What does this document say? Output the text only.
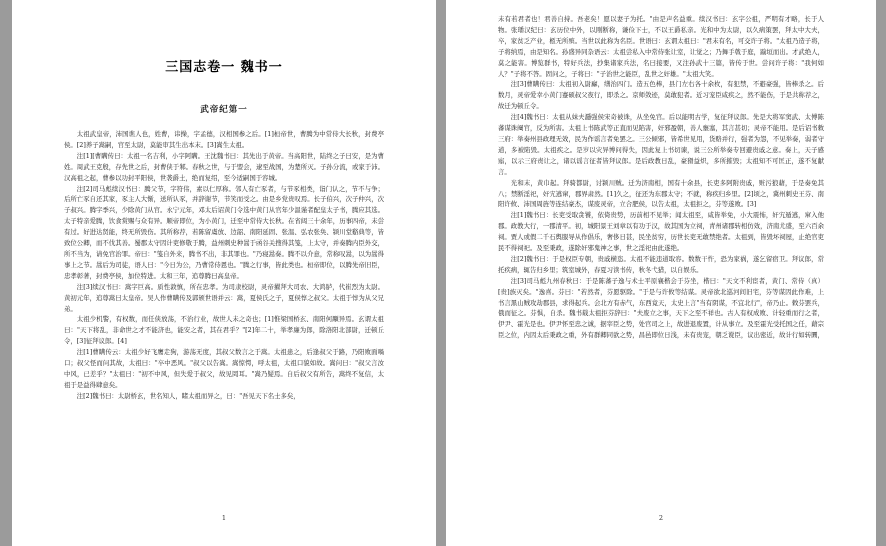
三国志卷一 魏书一
武帝纪第一

太祖武皇帝，沛国谯人也，姓曹，讳操，字孟德，汉相国参之后。[1]桓帝世，曹腾为中常侍大长秋，封费亭侯。[2]养子嵩嗣，官至太尉，莫能审其生出本末。[3]嵩生太祖。

注[1][曹瞒传曰：太祖一名吉利，小字阿瞒。王沈魏书曰：其先出于黄帝。当高阳世，陆终之子曰安，是为曹姓。周武王克殷，存先世之后，封曹侠于邾。春秋之世，与于盟会，逮至战国，为楚所灭。子孙分流，或家于沛。汉高祖之起，曹参以功封平阳侯，世袭爵土，绝而复绍，至今适嗣国于容城。

注[2]司马彪续汉书曰：腾父节，字符伟，素以仁厚称。邻人有亡豕者，与节豕相类，诣门认之，节不与争；后所亡豕自还其家，豕主人大惭，送所认豕，并辞谢节，节笑而受之。由是乡党贵叹焉。长子伯兴，次子仲兴，次子叔兴。腾字季兴，少除黄门从官。永宁元年，邓太后诏黄门令选中黄门从官年少温谨者配皇太子书，腾应其选。太子特亲爱腾，饮食赏赐与众有异。顺帝即位，为小黄门，迁至中常侍大长秋。在省闼三十余年，历事四帝，未尝有过。好进达贤能，终无所毁伤。其所称荐，若陈留虞放、边韶、南阳延固、张温、弘农张奂、颍川堂谿典等，皆致位公卿，而不伐其善。蜀郡太守因计吏修敬于腾，益州刺史种暠于函谷关搜得其笺，上太守，并奏腾内臣外交，所不当为，请免官治罪。帝曰："笺自外来，腾书不出，非其罪也。"乃寝暠奏。腾不以介意，常称叹暠，以为暠得事上之节。暠后为司徒，语人曰："今日为公，乃曹常侍恩也。"腾之行事，皆此类也。桓帝即位，以腾先帝旧臣，忠孝彰著，封费亭侯，加位特进。太和三年，追尊腾曰高皇帝。

注[3]续汉书曰：嵩字巨高。质性敦慎，所在忠孝。为司隶校尉，灵帝擢拜大司农、大鸿胪，代崔烈为太尉。黄初元年，追尊嵩曰太皇帝。吴人作曹瞒传及郭颁世语并云：嵩，夏侯氏之子，夏侯惇之叔父。太祖于惇为从父兄弟。

太祖少机警，有权数，而任侠放荡，不治行业，故世人未之奇也；[1]惟梁国桥玄、南阳何顒异焉。玄谓太祖曰："天下将乱，非命世之才不能济也，能安之者，其在君乎？"[2]年二十，举孝廉为郎，除洛阳北部尉，迁顿丘令，[3]征拜议郎。[4]

注[1]曹瞒传云：太祖少好飞鹰走狗，游荡无度，其叔父数言之于嵩。太祖患之，后逢叔父于路，乃阳败面喎口；叔父怪而问其故，太祖曰："卒中恶风。"叔父以告嵩。嵩惊愕，呼太祖，太祖口貌如故。嵩问曰："叔父言汝中风，已差乎？"太祖曰："初不中风，但失爱于叔父，故见罔耳。"嵩乃疑焉。自后叔父有所告，嵩终不复信，太祖于是益得肆意矣。

注[2]魏书曰：太尉桥玄，世名知人，睹太祖而异之，曰："吾见天下名士多矣，

1

未有若君者也！君善自持。吾老矣！愿以妻子为托。"由是声名益重。续汉书曰：玄字公祖，严明有才略，长于人物。张璠汉纪曰：玄历位中外，以刚断称，谦俭下士，不以王爵私亲。光和中为太尉，以久病策罢，拜太中大夫，卒，家贫乏产业，柩无所殡。当世以此称为名臣。世语曰：玄谓太祖曰："君未有名，可交许子将。"太祖乃造子将，子将纳焉，由是知名。孙盛异同杂语云：太祖尝私入中常侍张让室，让觉之；乃舞手戟于庭，踰垣而出。才武绝人，莫之能害。博览群书，特好兵法，抄集诸家兵法，名曰接要，又注孙武十三篇，皆传于世。尝问许子将："我何如人？"子将不答。固问之，子将曰："子治世之能臣，乱世之奸雄。"太祖大笑。

注[3]曹瞒传曰：太祖初入尉廨，缮治四门。造五色棒，县门左右各十余枚，有犯禁，不避豪强，皆棒杀之。后数月，灵帝爱幸小黄门蹇硕叔父夜行，即杀之。京师敛迹，莫敢犯者。近习宠臣咸疾之，然不能伤，于是共称荐之，故迁为顿丘令。

注[4]魏书曰：太祖从妹夫㶏强侯宋奇被诛，从坐免官。后以能明古学，复征拜议郎。先是大将军窦武、太傅陈蕃谋诛阉官，反为所害。太祖上书陈武等正直而见陷害，奸邪盈朝，善人壅塞，其言甚切；灵帝不能用。是后诏书敕三府：举奏州县政理无效，民为作谣言者免罢之。三公倾邪，皆希世见用，货赂并行，强者为怨，不见举奏，弱者守道，多被陷毁。太祖疾之。是岁以灾异博问得失，因此复上书切谏，说三公所举奏专回避贵戚之意。奏上，天子感寤，以示三府责让之，诸以谣言征者皆拜议郎。是后政教日乱，豪猾益炽，多所摧毁；太祖知不可匡正，遂不复献言。

光和末，黄巾起。拜骑都尉，讨颍川贼。迁为济南相，国有十余县，长吏多阿附贵戚，赃污狼藉，于是奏免其八；禁断淫祀，奸宄逃窜，郡界肃然。[1]久之，征还为东郡太守；不就，称疾归乡里。[2]顷之，冀州刺史王芬、南阳许攸、沛国周旌等连结豪杰，谋废灵帝，立合肥侯，以告太祖，太祖拒之，芬等遂败。[3]

注[1]魏书曰：长吏受取贪饕，依倚贵势，历前相不见举；闻太祖至，咸皆举免，小大震怖，奸宄遁逃，窜入他郡。政教大行，一郡清平。初，城阳景王刘章以有功于汉，故其国为立祠，青州诸郡转相仿效，济南尤盛，至六百余祠。贾人或假二千石舆服导从作倡乐，奢侈日甚，民坐贫穷，历世长吏无敢禁绝者。太祖到，皆毁坏祠屋，止绝官吏民不得祠祀。及至秉政，遂除奸邪鬼神之事，世之淫祀由此遂绝。

注[2]魏书曰：于是权臣专朝，贵戚横恣。太祖不能违道取容。数数干忤，恐为家祸，遂乞留宿卫。拜议郎，常托疾病，辄告归乡里；筑室城外，春夏习读书传，秋冬弋猎，以自娱乐。

注[3]司马彪九州春秋曰：于是陈蕃子逸与术士平原襄楷会于芬坐，楷曰："天文不利宦者，黄门、常侍（真）[贵]族灭矣。"逸喜。芬曰："若然者，芬愿驱除。"于是与许攸等结谋。灵帝欲北巡河间旧宅，芬等谋因此作难，上书言黑山贼攻劫郡县，求得起兵。会北方有赤气，东西竟天，太史上言"当有阴谋，不宜北行"，帝乃止。敕芬罢兵，俄而征之。芬惧，自杀。魏书载太祖拒芬辞曰："夫废立之事，天下之至不祥也。古人有权成败、计轻重而行之者，伊尹、霍光是也。伊尹怀至忠之诚，据宰臣之势，处官司之上，故进退废置，计从事立。及至霍光受托国之任，藉宗臣之位，内因太后秉政之重，外有群卿同欲之势，昌邑即位日浅，未有贵宠，朝乏谠臣，议出密近，故计行如转圜，

2
